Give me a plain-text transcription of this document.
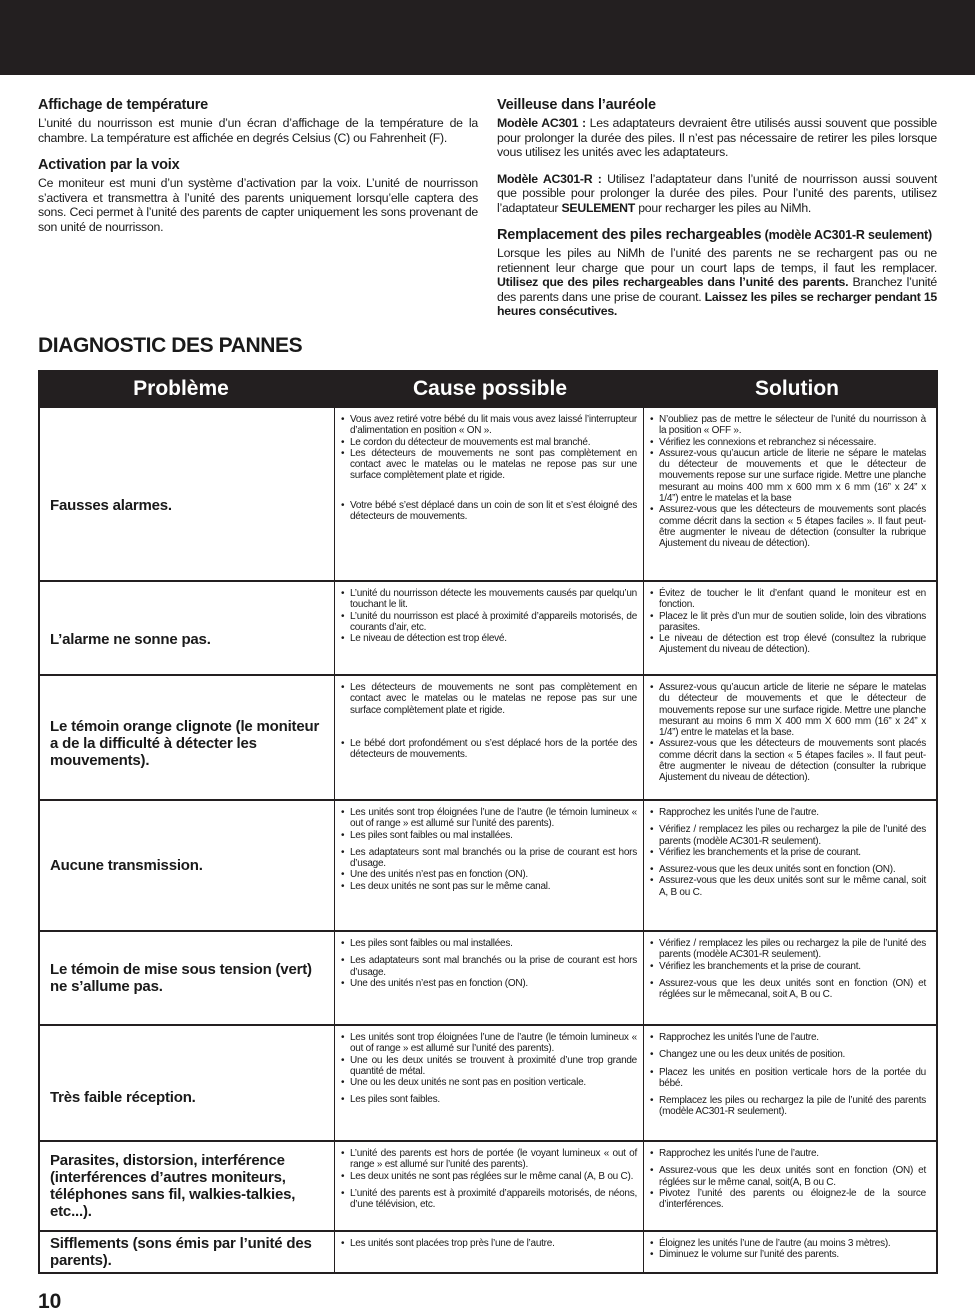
Affichage de température

L’unité du nourrisson est munie d’un écran d’affichage de la température de la chambre. La température est affichée en degrés Celsius (C) ou Fahrenheit (F).

Activation par la voix

Ce moniteur est muni d’un système d’activation par la voix. L’unité de nourrisson s’activera et transmettra à l’unité des parents uniquement lorsqu’elle captera des sons. Ceci permet à l’unité des parents de capter uniquement les sons provenant de son unité de nourrisson.

Veilleuse dans l’auréole

Modèle AC301 : Les adaptateurs devraient être utilisés aussi souvent que possible pour prolonger la durée des piles. Il n’est pas nécessaire de retirer les piles lorsque vous utilisez les unités avec les adaptateurs.

Modèle AC301-R : Utilisez l’adaptateur dans l’unité de nourrisson aussi souvent que possible pour prolonger la durée des piles. Pour l’unité des parents, utilisez l’adaptateur SEULEMENT pour recharger les piles au NiMh.

Remplacement des piles rechargeables (modèle AC301-R seulement)

Lorsque les piles au NiMh de l’unité des parents ne se rechargent pas ou ne retiennent leur charge que pour un court laps de temps, il faut les remplacer. Utilisez que des piles rechargeables dans l’unité des parents. Branchez l’unité des parents dans une prise de courant. Laissez les piles se recharger pendant 15 heures consécutives.

DIAGNOSTIC DES PANNES
Problème	Cause possible	Solution
Fausses alarmes.
• Vous avez retiré votre bébé du lit mais vous avez laissé l’interrupteur d’alimentation en position « ON ».
• Le cordon du détecteur de mouvements est mal branché.
• Les détecteurs de mouvements ne sont pas complètement en contact avec le matelas ou le matelas ne repose pas sur une surface complètement plate et rigide.
• Votre bébé s’est déplacé dans un coin de son lit et s’est éloigné des détecteurs de mouvements.
• N’oubliez pas de mettre le sélecteur de l’unité du nourrisson à la position « OFF ».
• Vérifiez les connexions et rebranchez si nécessaire.
• Assurez-vous qu’aucun article de literie ne sépare le matelas du détecteur de mouvements et que le détecteur de mouvements repose sur une surface rigide. Mettre une planche mesurant au moins 400 mm x 600 mm x 6 mm (16” x 24” x 1/4”) entre le matelas et la base
• Assurez-vous que les détecteurs de mouvements sont placés comme décrit dans la section « 5 étapes faciles ». Il faut peut-être augmenter le niveau de détection (consulter la rubrique Ajustement du niveau de détection).
L’alarme ne sonne pas.
• L’unité du nourrisson détecte les mouvements causés par quelqu’un touchant le lit.
• L’unité du nourrisson est placé à proximité d’appareils motorisés, de courants d’air, etc.
• Le niveau de détection est trop élevé.
• Évitez de toucher le lit d’enfant quand le moniteur est en fonction.
• Placez le lit près d’un mur de soutien solide, loin des vibrations parasites.
• Le niveau de détection est trop élevé (consultez la rubrique Ajustement du niveau de détection).
Le témoin orange clignote (le moniteur a de la difficulté à détecter les mouvements).
• Les détecteurs de mouvements ne sont pas complètement en contact avec le matelas ou le matelas ne repose pas sur une surface complètement plate et rigide.
• Le bébé dort profondément ou s’est déplacé hors de la portée des détecteurs de mouvements.
• Assurez-vous qu’aucun article de literie ne sépare le matelas du détecteur de mouvements et que le détecteur de mouvements repose sur une surface rigide. Mettre une planche mesurant au moins 6 mm X 400 mm X 600 mm (16” x 24” x 1/4”) entre le matelas et la base.
• Assurez-vous que les détecteurs de mouvements sont placés comme décrit dans la section « 5 étapes faciles ». Il faut peut-être augmenter le niveau de détection (consulter la rubrique Ajustement du niveau de détection).
Aucune transmission.
• Les unités sont trop éloignées l’une de l’autre (le témoin lumineux « out of range » est allumé sur l’unité des parents).
• Les piles sont faibles ou mal installées.
• Les adaptateurs sont mal branchés ou la prise de courant est hors d’usage.
• Une des unités n’est pas en fonction (ON).
• Les deux unités ne sont pas sur le même canal.
• Rapprochez les unités l’une de l’autre.
• Vérifiez / remplacez les piles ou rechargez la pile de l’unité des parents (modèle AC301-R seulement).
• Vérifiez les branchements et la prise de courant.
• Assurez-vous que les deux unités sont en fonction (ON).
• Assurez-vous que les deux unités sont sur le même canal, soit A, B ou C.
Le témoin de mise sous tension (vert) ne s’allume pas.
• Les piles sont faibles ou mal installées.
• Les adaptateurs sont mal branchés ou la prise de courant est hors d’usage.
• Une des unités n’est pas en fonction (ON).
• Vérifiez / remplacez les piles ou rechargez la pile de l’unité des parents (modèle AC301-R seulement).
• Vérifiez les branchements et la prise de courant.
• Assurez-vous que les deux unités sont en fonction (ON) et réglées sur le mêmecanal, soit A, B ou C.
Très faible réception.
• Les unités sont trop éloignées l’une de l’autre (le témoin lumineux « out of range » est allumé sur l’unité des parents).
• Une ou les deux unités se trouvent à proximité d’une trop grande quantité de métal.
• Une ou les deux unités ne sont pas en position verticale.
• Les piles sont faibles.
• Rapprochez les unités l’une de l’autre.
• Changez une ou les deux unités de position.
• Placez les unités en position verticale hors de la portée du bébé.
• Remplacez les piles ou rechargez la pile de l’unité des parents (modèle AC301-R seulement).
Parasites, distorsion, interférence (interférences d’autres moniteurs, téléphones sans fil, walkies-talkies, etc...).
• L’unité des parents est hors de portée (le voyant lumineux « out of range » est allumé sur l’unité des parents).
• Les deux unités ne sont pas réglées sur le même canal (A, B ou C).
• L’unité des parents est à proximité d’appareils motorisés, de néons, d’une télévision, etc.
• Rapprochez les unités l’une de l’autre.
• Assurez-vous que les deux unités sont en fonction (ON) et réglées sur le même canal, soit(A, B ou C.
• Pivotez l’unité des parents ou éloignez-le de la source d’interférences.
Sifflements (sons émis par l’unité des parents).
• Les unités sont placées trop près l’une de l’autre.
•	Éloignez les unités l’une de l’autre (au moins 3 mètres).
• Diminuez le volume sur l’unité des parents.
10
